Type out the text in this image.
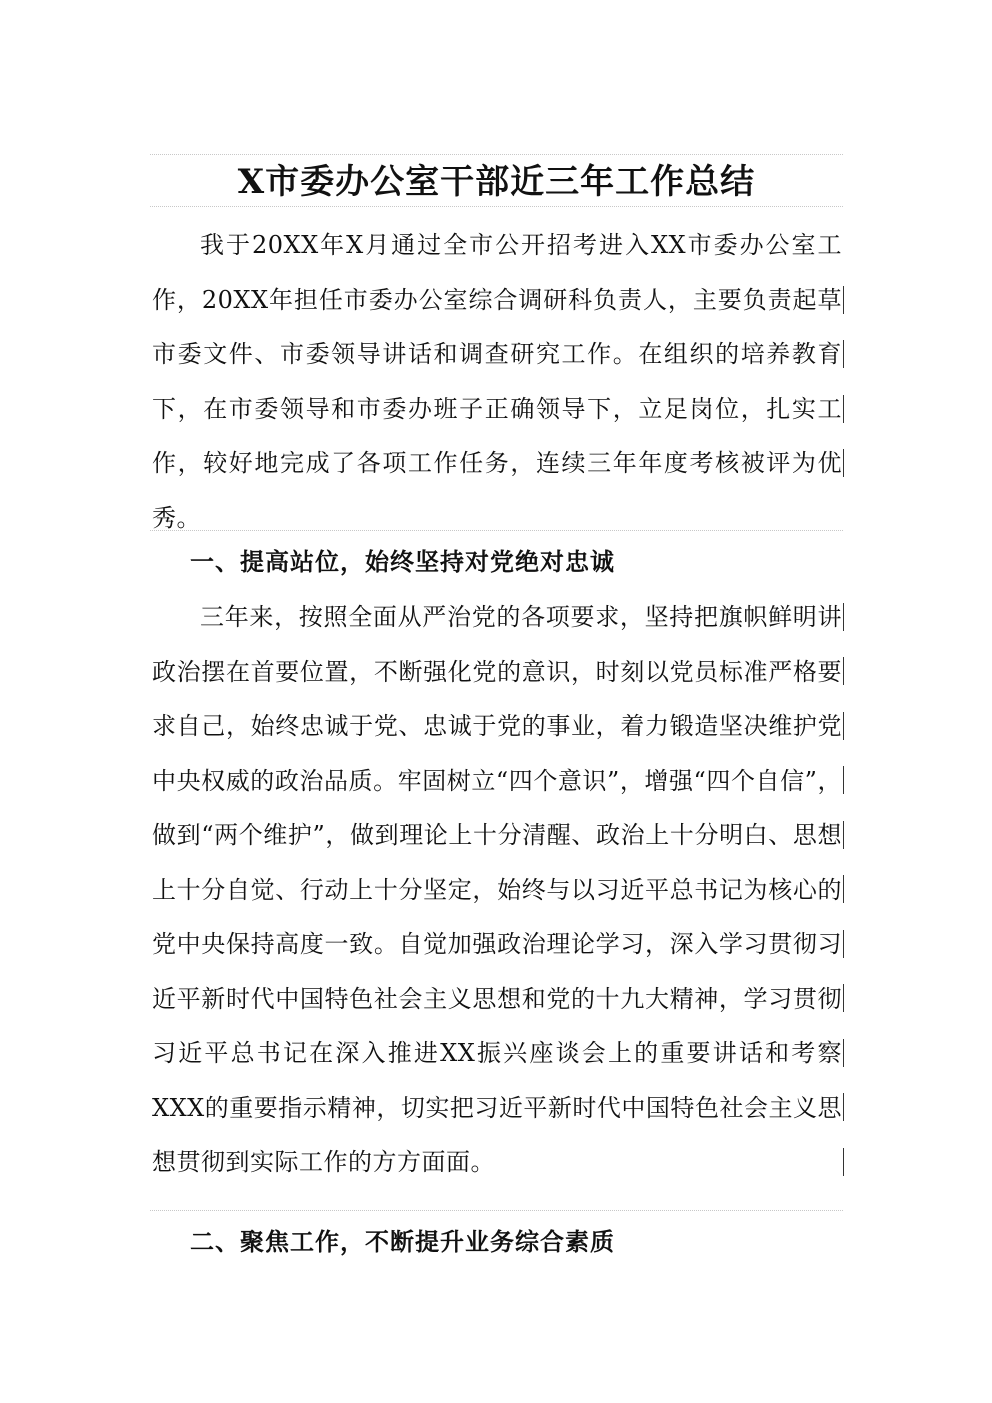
X市委办公室干部近三年工作总结

我于20XX年X月通过全市公开招考进入XX市委办公室工作，20XX年担任市委办公室综合调研科负责人，主要负责起草市委文件、市委领导讲话和调查研究工作。在组织的培养教育下，在市委领导和市委办班子正确领导下，立足岗位，扎实工作，较好地完成了各项工作任务，连续三年年度考核被评为优秀。

一、提高站位，始终坚持对党绝对忠诚

三年来，按照全面从严治党的各项要求，坚持把旗帜鲜明讲政治摆在首要位置，不断强化党的意识，时刻以党员标准严格要求自己，始终忠诚于党、忠诚于党的事业，着力锻造坚决维护党中央权威的政治品质。牢固树立“四个意识”，增强“四个自信”，做到“两个维护”，做到理论上十分清醒、政治上十分明白、思想上十分自觉、行动上十分坚定，始终与以习近平总书记为核心的党中央保持高度一致。自觉加强政治理论学习，深入学习贯彻习近平新时代中国特色社会主义思想和党的十九大精神，学习贯彻习近平总书记在深入推进XX振兴座谈会上的重要讲话和考察XXX的重要指示精神，切实把习近平新时代中国特色社会主义思想贯彻到实际工作的方方面面。

二、聚焦工作，不断提升业务综合素质
